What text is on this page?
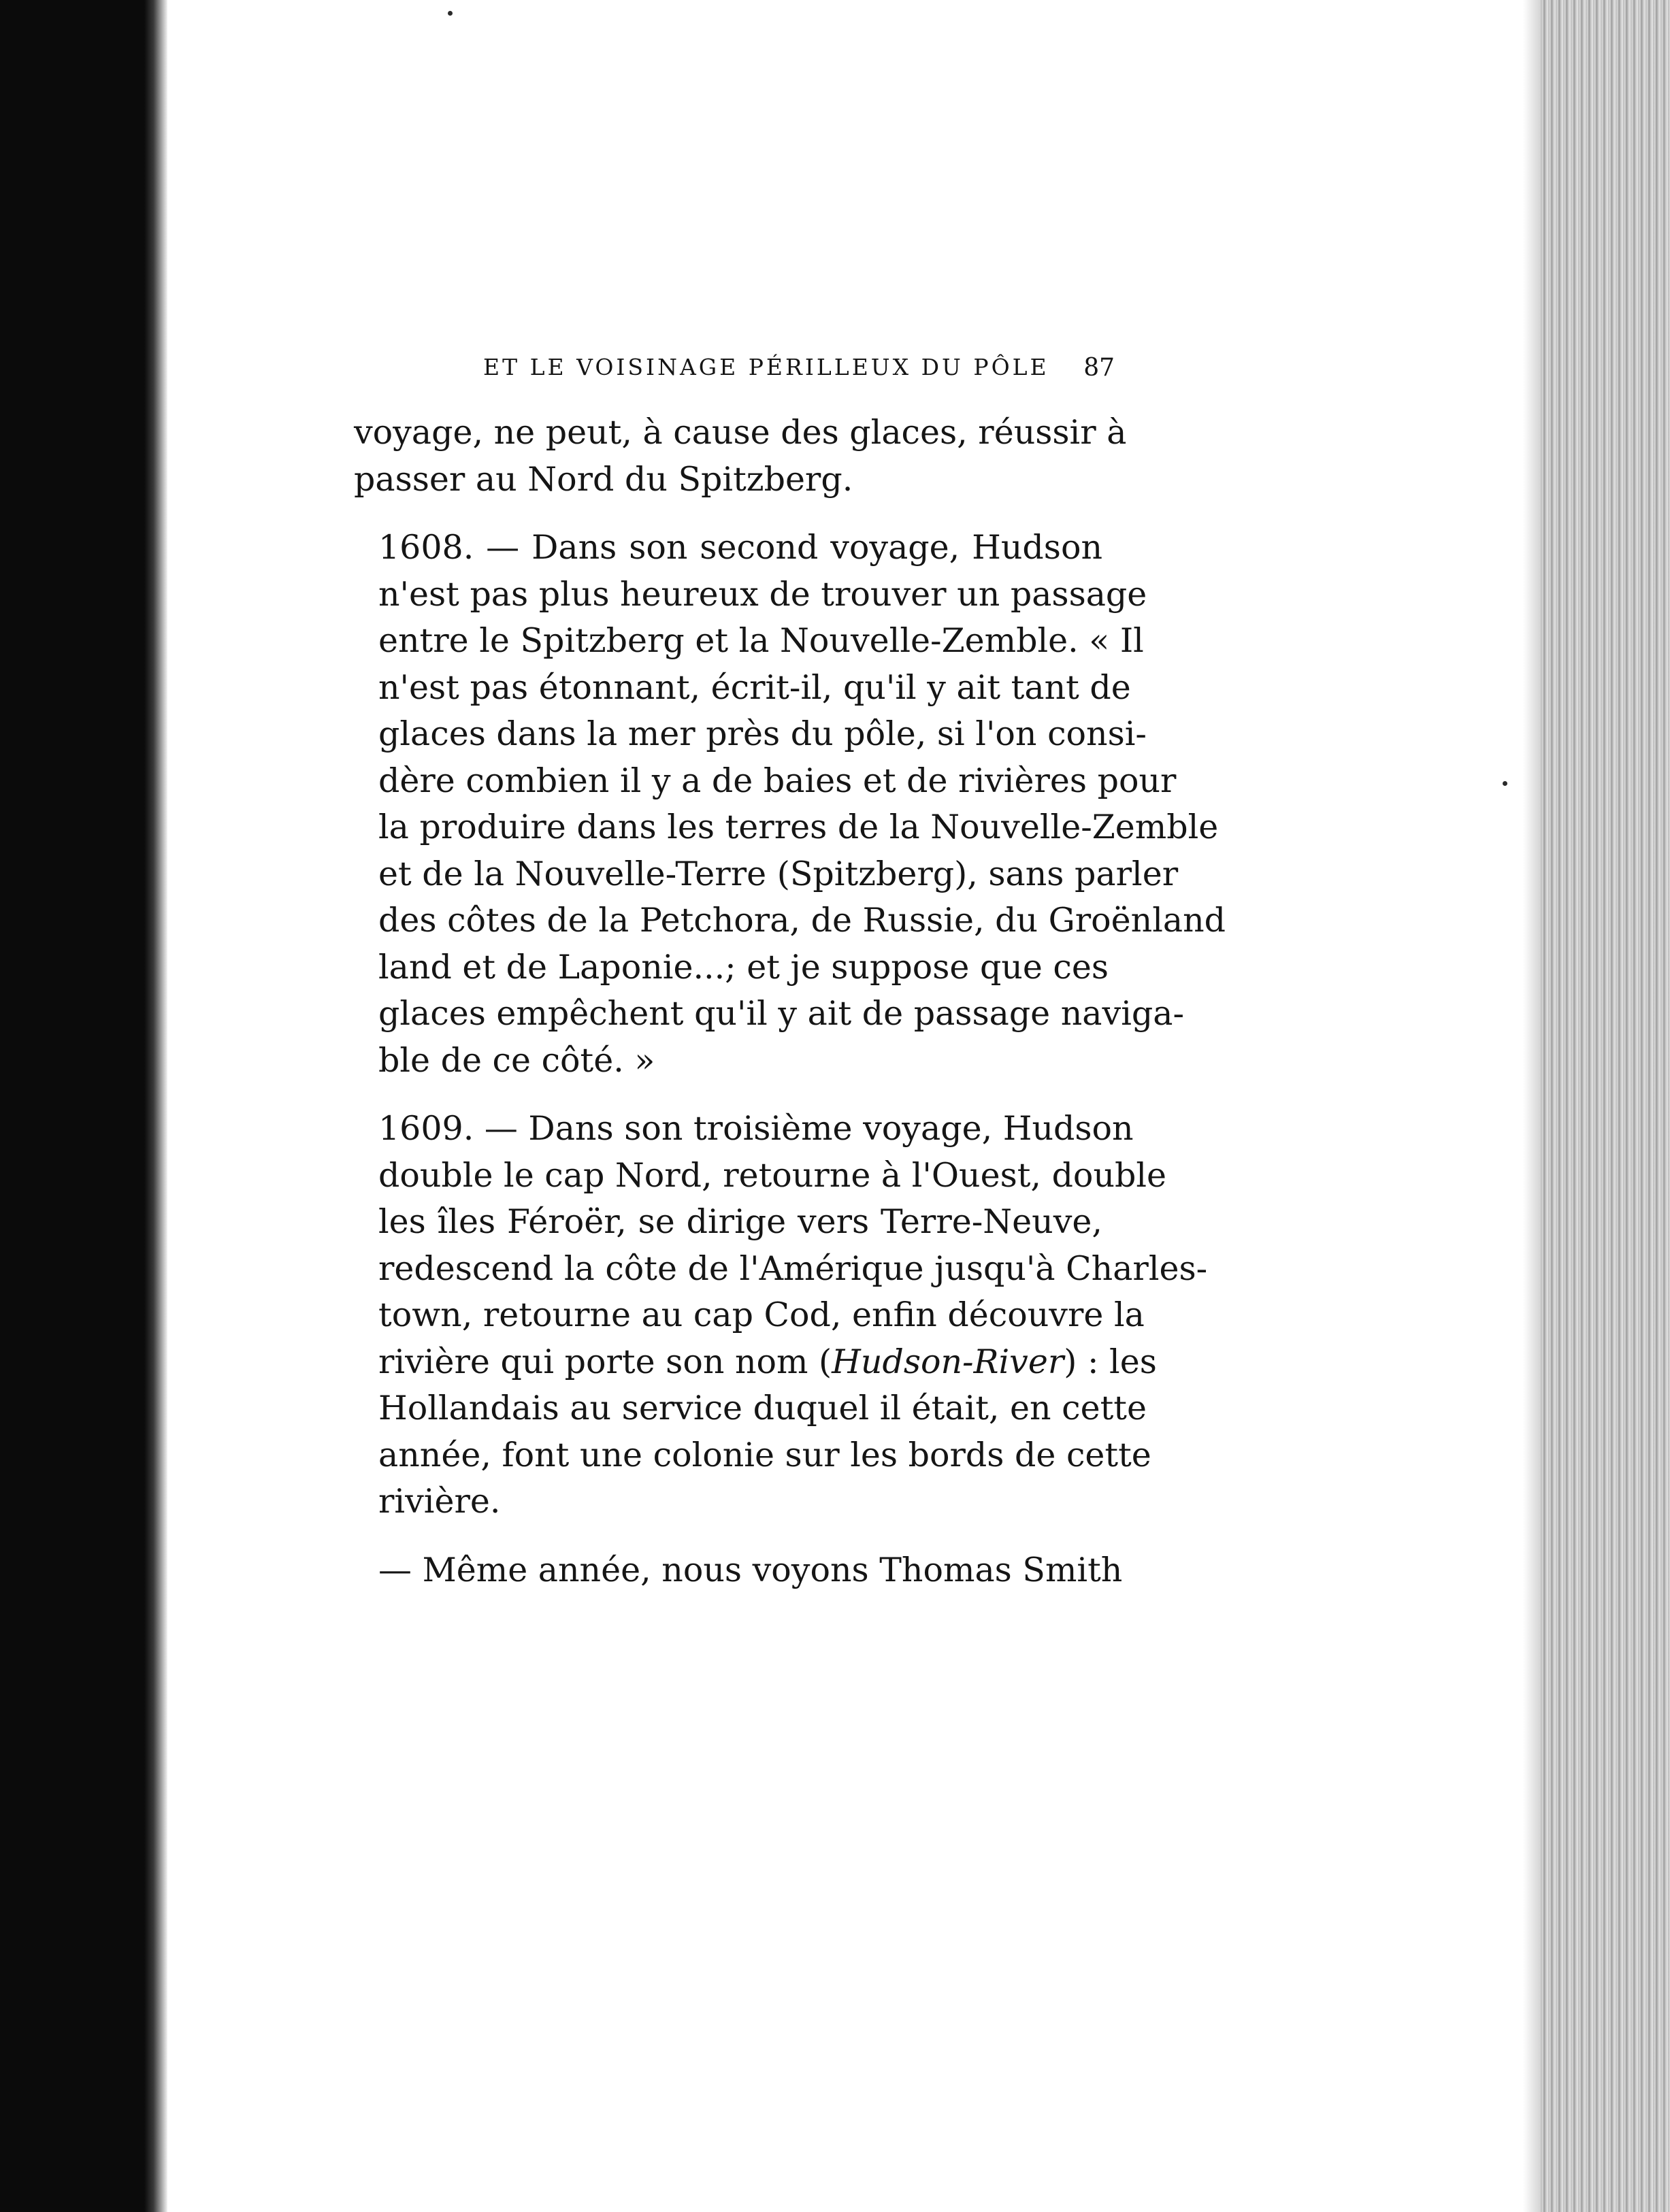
ET LE VOISINAGE PÉRILLEUX DU PÔLE 87

voyage, ne peut, à cause des glaces, réussir à
passer au Nord du Spitzberg.

1608. — Dans son second voyage, Hudson
n'est pas plus heureux de trouver un passage
entre le Spitzberg et la Nouvelle-Zemble. « Il
n'est pas étonnant, écrit-il, qu'il y ait tant de
glaces dans la mer près du pôle, si l'on consi-
dère combien il y a de baies et de rivières pour
la produire dans les terres de la Nouvelle-Zemble
et de la Nouvelle-Terre (Spitzberg), sans parler
des côtes de la Petchora, de Russie, du Groënland
land et de Laponie...; et je suppose que ces
glaces empêchent qu'il y ait de passage naviga-
ble de ce côté. »

1609. — Dans son troisième voyage, Hudson
double le cap Nord, retourne à l'Ouest, double
les îles Féroër, se dirige vers Terre-Neuve,
redescend la côte de l'Amérique jusqu'à Charles-
town, retourne au cap Cod, enfin découvre la
rivière qui porte son nom (Hudson-River) : les
Hollandais au service duquel il était, en cette
année, font une colonie sur les bords de cette
rivière.

— Même année, nous voyons Thomas Smith
